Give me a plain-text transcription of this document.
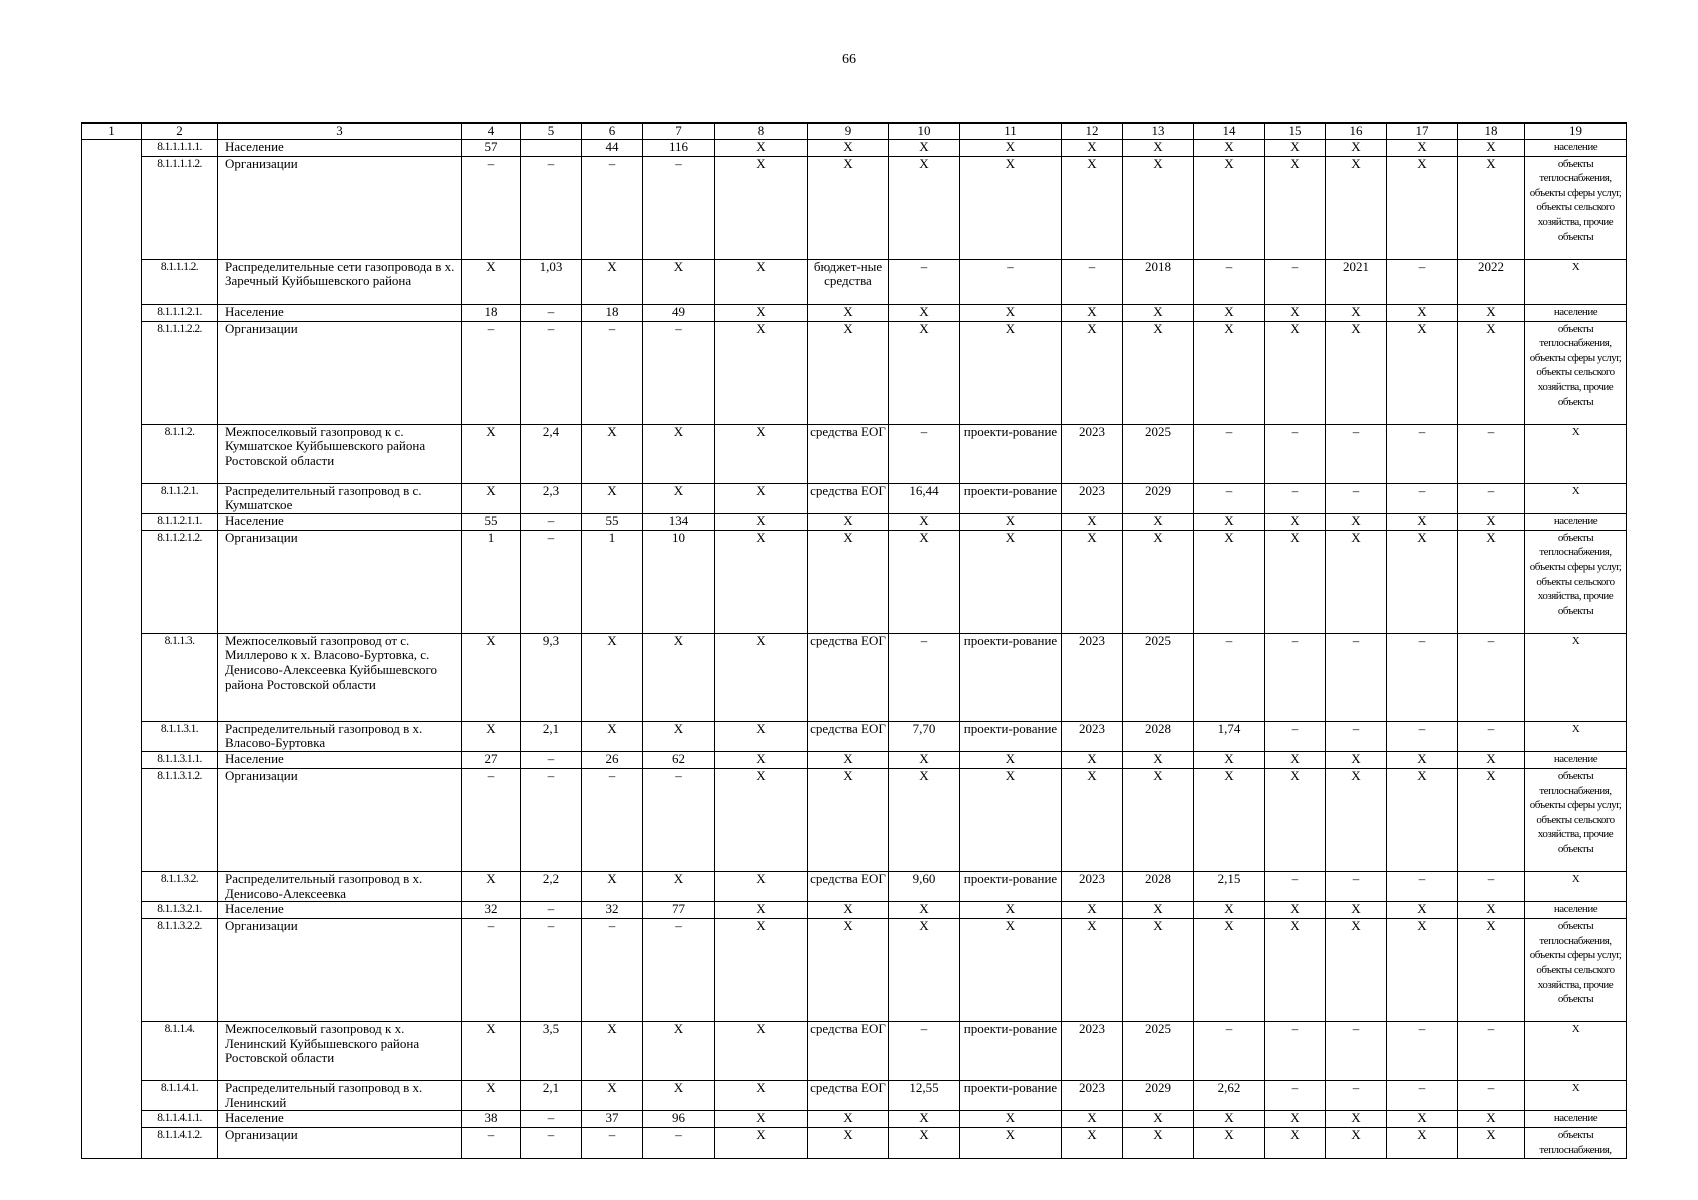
66
1	2	3	4	5	6	7	8	9	10	11	12	13	14	15	16	17	18	19
	8.1.1.1.1.1.	Население	57		44	116	Х	Х	Х	Х	Х	Х	Х	Х	Х	Х	Х	население
	8.1.1.1.1.2.	Организации	–	–	–	–	Х	Х	Х	Х	Х	Х	Х	Х	Х	Х	Х	объекты теплоснабжения, объекты сферы услуг, объекты сельского хозяйства, прочие объекты
	8.1.1.1.2.	Распределительные сети газопровода в х. Заречный Куйбышевского района	Х	1,03	Х	Х	Х	бюджет-ные средства	–	–	–	2018	–	–	2021	–	2022	Х
	8.1.1.1.2.1.	Население	18	–	18	49	Х	Х	Х	Х	Х	Х	Х	Х	Х	Х	Х	население
	8.1.1.1.2.2.	Организации	–	–	–	–	Х	Х	Х	Х	Х	Х	Х	Х	Х	Х	Х	объекты теплоснабжения, объекты сферы услуг, объекты сельского хозяйства, прочие объекты
	8.1.1.2.	Межпоселковый газопровод к с. Кумшатское Куйбышевского района Ростовской области	Х	2,4	Х	Х	Х	средства ЕОГ	–	проекти-рование	2023	2025	–	–	–	–	–	Х
	8.1.1.2.1.	Распределительный газопровод в с. Кумшатское	Х	2,3	Х	Х	Х	средства ЕОГ	16,44	проекти-рование	2023	2029	–	–	–	–	–	Х
	8.1.1.2.1.1.	Население	55	–	55	134	Х	Х	Х	Х	Х	Х	Х	Х	Х	Х	Х	население
	8.1.1.2.1.2.	Организации	1	–	1	10	Х	Х	Х	Х	Х	Х	Х	Х	Х	Х	Х	объекты теплоснабжения, объекты сферы услуг, объекты сельского хозяйства, прочие объекты
	8.1.1.3.	Межпоселковый газопровод от с. Миллерово к х. Власово-Буртовка, с. Денисово-Алексеевка Куйбышевского района Ростовской области	Х	9,3	Х	Х	Х	средства ЕОГ	–	проекти-рование	2023	2025	–	–	–	–	–	Х
	8.1.1.3.1.	Распределительный газопровод в х. Власово-Буртовка	Х	2,1	Х	Х	Х	средства ЕОГ	7,70	проекти-рование	2023	2028	1,74	–	–	–	–	Х
	8.1.1.3.1.1.	Население	27	–	26	62	Х	Х	Х	Х	Х	Х	Х	Х	Х	Х	Х	население
	8.1.1.3.1.2.	Организации	–	–	–	–	Х	Х	Х	Х	Х	Х	Х	Х	Х	Х	Х	объекты теплоснабжения, объекты сферы услуг, объекты сельского хозяйства, прочие объекты
	8.1.1.3.2.	Распределительный газопровод в х. Денисово-Алексеевка	Х	2,2	Х	Х	Х	средства ЕОГ	9,60	проекти-рование	2023	2028	2,15	–	–	–	–	Х
	8.1.1.3.2.1.	Население	32	–	32	77	Х	Х	Х	Х	Х	Х	Х	Х	Х	Х	Х	население
	8.1.1.3.2.2.	Организации	–	–	–	–	Х	Х	Х	Х	Х	Х	Х	Х	Х	Х	Х	объекты теплоснабжения, объекты сферы услуг, объекты сельского хозяйства, прочие объекты
	8.1.1.4.	Межпоселковый газопровод к х. Ленинский Куйбышевского района Ростовской области	Х	3,5	Х	Х	Х	средства ЕОГ	–	проекти-рование	2023	2025	–	–	–	–	–	Х
	8.1.1.4.1.	Распределительный газопровод в х. Ленинский	Х	2,1	Х	Х	Х	средства ЕОГ	12,55	проекти-рование	2023	2029	2,62	–	–	–	–	Х
	8.1.1.4.1.1.	Население	38	–	37	96	Х	Х	Х	Х	Х	Х	Х	Х	Х	Х	Х	население
	8.1.1.4.1.2.	Организации	–	–	–	–	Х	Х	Х	Х	Х	Х	Х	Х	Х	Х	Х	объекты теплоснабжения,
